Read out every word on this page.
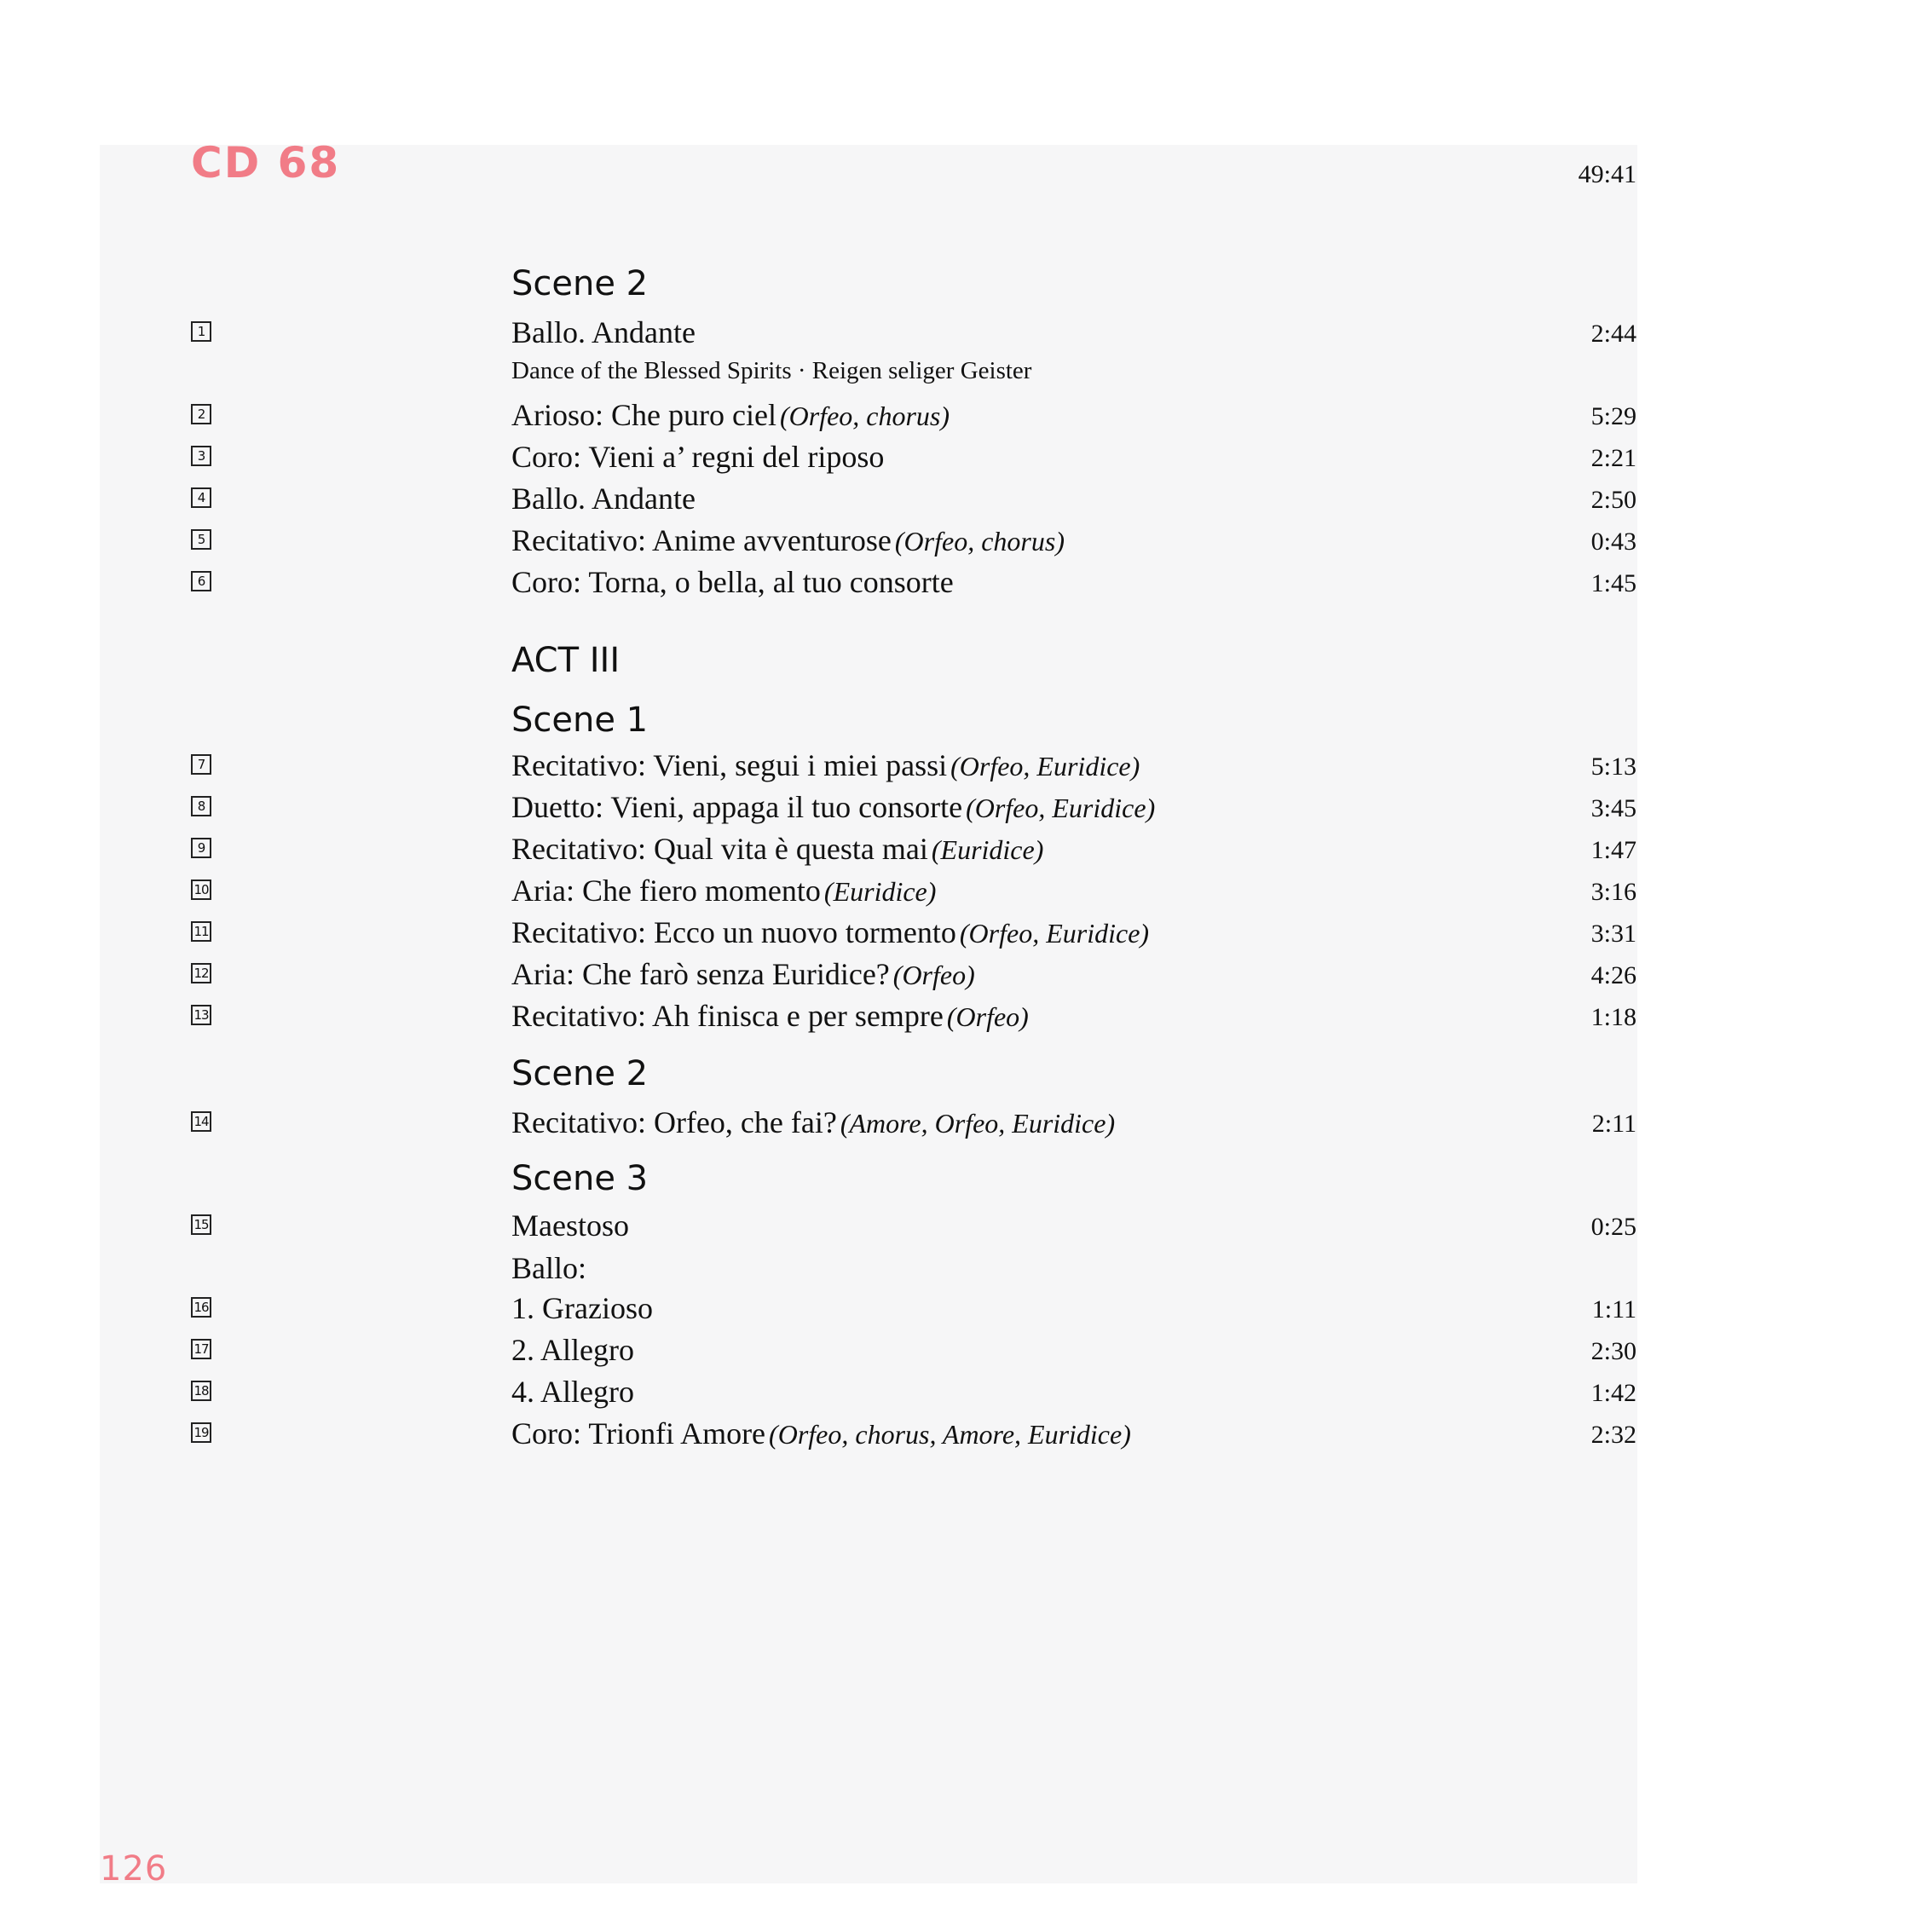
CD 68	49:41
Scene 2
ACT III
Scene 1
Scene 2
Scene 3
Dance of the Blessed Spirits · Reigen seliger Geister
Ballo:
1	Ballo. Andante	2:44
2	Arioso: Che puro ciel (Orfeo, chorus)	5:29
3	Coro: Vieni a’ regni del riposo	2:21
4	Ballo. Andante	2:50
5	Recitativo: Anime avventurose (Orfeo, chorus)	0:43
6	Coro: Torna, o bella, al tuo consorte	1:45
7	Recitativo: Vieni, segui i miei passi (Orfeo, Euridice)	5:13
8	Duetto: Vieni, appaga il tuo consorte (Orfeo, Euridice)	3:45
9	Recitativo: Qual vita è questa mai (Euridice)	1:47
10	Aria: Che fiero momento (Euridice)	3:16
11	Recitativo: Ecco un nuovo tormento (Orfeo, Euridice)	3:31
12	Aria: Che farò senza Euridice? (Orfeo)	4:26
13	Recitativo: Ah finisca e per sempre (Orfeo)	1:18
14	Recitativo: Orfeo, che fai? (Amore, Orfeo, Euridice)	2:11
15	Maestoso	0:25
16	1. Grazioso	1:11
17	2. Allegro	2:30
18	4. Allegro	1:42
19	Coro: Trionfi Amore (Orfeo, chorus, Amore, Euridice)	2:32
126
